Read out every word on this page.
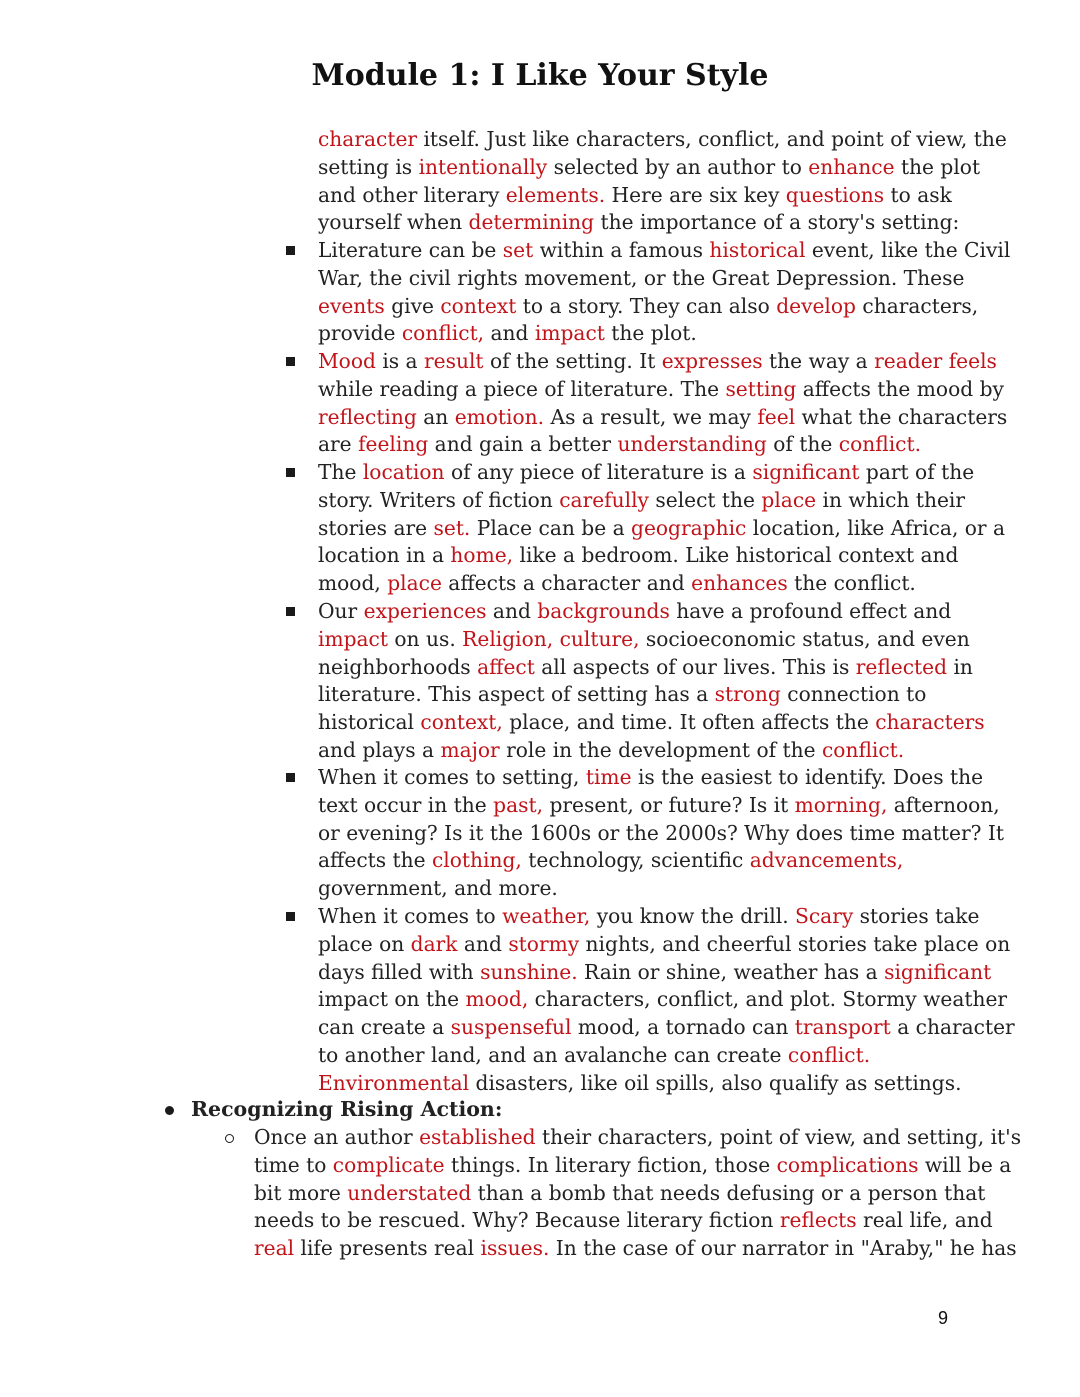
Module 1: I Like Your Style
character itself. Just like characters, conflict, and point of view, the
setting is intentionally selected by an author to enhance the plot
and other literary elements. Here are six key questions to ask
yourself when determining the importance of a story's setting:
Literature can be set within a famous historical event, like the Civil
War, the civil rights movement, or the Great Depression. These
events give context to a story. They can also develop characters,
provide conflict, and impact the plot.
Mood is a result of the setting. It expresses the way a reader feels
while reading a piece of literature. The setting affects the mood by
reflecting an emotion. As a result, we may feel what the characters
are feeling and gain a better understanding of the conflict.
The location of any piece of literature is a significant part of the
story. Writers of fiction carefully select the place in which their
stories are set. Place can be a geographic location, like Africa, or a
location in a home, like a bedroom. Like historical context and
mood, place affects a character and enhances the conflict.
Our experiences and backgrounds have a profound effect and
impact on us. Religion, culture, socioeconomic status, and even
neighborhoods affect all aspects of our lives. This is reflected in
literature. This aspect of setting has a strong connection to
historical context, place, and time. It often affects the characters
and plays a major role in the development of the conflict.
When it comes to setting, time is the easiest to identify. Does the
text occur in the past, present, or future? Is it morning, afternoon,
or evening? Is it the 1600s or the 2000s? Why does time matter? It
affects the clothing, technology, scientific advancements,
government, and more.
When it comes to weather, you know the drill. Scary stories take
place on dark and stormy nights, and cheerful stories take place on
days filled with sunshine. Rain or shine, weather has a significant
impact on the mood, characters, conflict, and plot. Stormy weather
can create a suspenseful mood, a tornado can transport a character
to another land, and an avalanche can create conflict.
Environmental disasters, like oil spills, also qualify as settings.
Recognizing Rising Action:
Once an author established their characters, point of view, and setting, it's
time to complicate things. In literary fiction, those complications will be a
bit more understated than a bomb that needs defusing or a person that
needs to be rescued. Why? Because literary fiction reflects real life, and
real life presents real issues. In the case of our narrator in "Araby," he has
9
